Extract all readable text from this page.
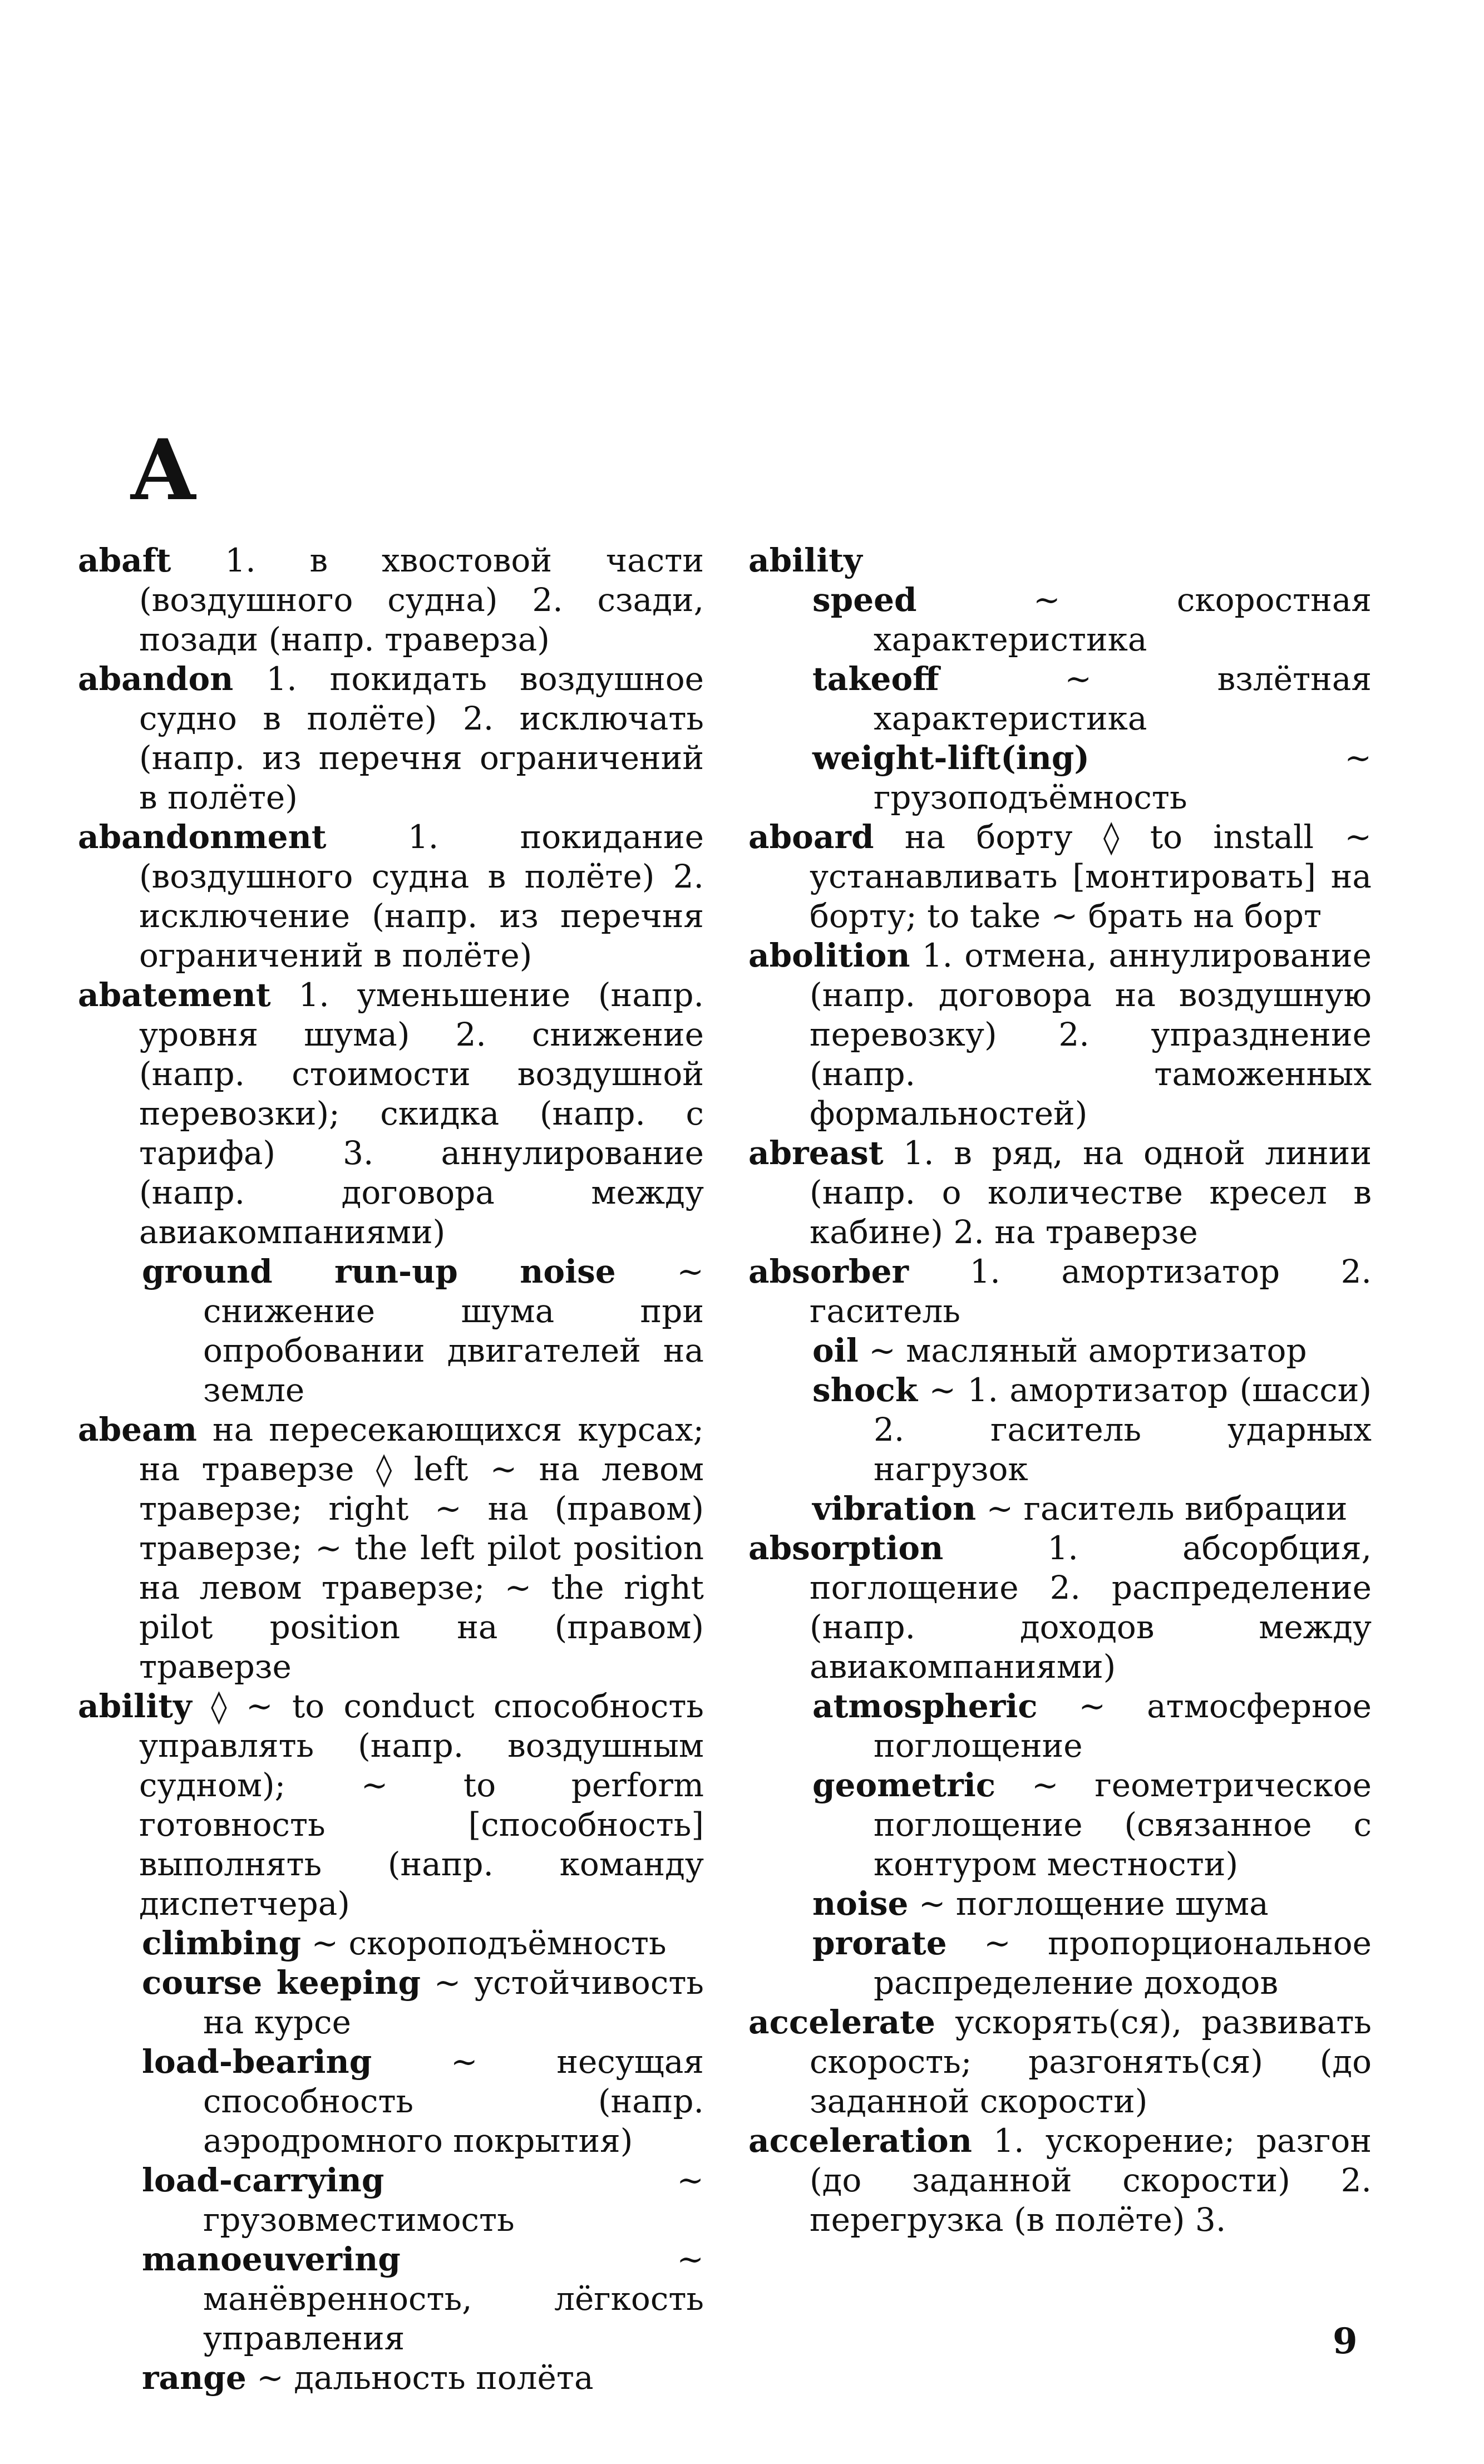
A

abaft 1. в хвостовой части (воздушного судна) 2. сзади, позади (напр. траверза)

abandon 1. покидать воздушное судно в полёте) 2. исключать (напр. из перечня ограничений в полёте)

abandonment	1. покидание (воздушного судна в полёте) 2. исключение (напр. из перечня ограничений в полёте)

abatement 1. уменьшение (напр. уровня шума) 2. снижение (напр. стоимости воздушной перевозки); скидка (напр. с тарифа) 3. аннулирование (напр. договора между авиакомпаниями)

ground run-up noise ~ снижение шума при опробовании двигателей на земле

abeam на пересекающихся курсах; на траверзе ◊ left ~ на левом траверзе; right ~ на (правом) траверзе; ~ the left pilot position на левом траверзе; ~ the right pilot position на (правом) траверзе

ability ◊ ~ to conduct способность управлять (напр. воздушным судном); ~ to perform готовность [способность] выполнять (напр. команду диспетчера)

climbing ~ скороподъёмность

course keeping ~ устойчивость на курсе

load-bearing ~ несущая способность (напр. аэродромного покрытия)

load-carrying	~ грузовместимость

manoeuvering	~ манёвренность, лёгкость управления

range ~ дальность полёта

ability

speed	~ скоростная характеристика

takeoff	~ взлётная характеристика

weight-lift(ing)	~ грузоподъёмность

aboard на борту ◊ to install ~ устанавливать [монтировать] на борту; to take ~ брать на борт

abolition 1. отмена, аннулирование (напр. договора на воздушную перевозку) 2. упразднение (напр. таможенных формальностей)

abreast 1. в ряд, на одной линии (напр. о количестве кресел в кабине) 2. на траверзе

absorber 1. амортизатор 2. гаситель

oil ~ масляный амортизатор

shock ~ 1. амортизатор (шасси) 2. гаситель ударных нагрузок

vibration ~ гаситель вибрации

absorption	1. абсорбция, поглощение 2. распределение (напр. доходов между авиакомпаниями)

atmospheric ~ атмосферное поглощение

geometric ~ геометрическое поглощение (связанное с контуром местности)

noise ~ поглощение шума

prorate ~ пропорциональное распределение доходов

accelerate ускорять(ся), развивать скорость; разгонять(ся) (до заданной скорости)

acceleration 1. ускорение; разгон (до заданной скорости) 2. перегрузка (в полёте) 3.

9
